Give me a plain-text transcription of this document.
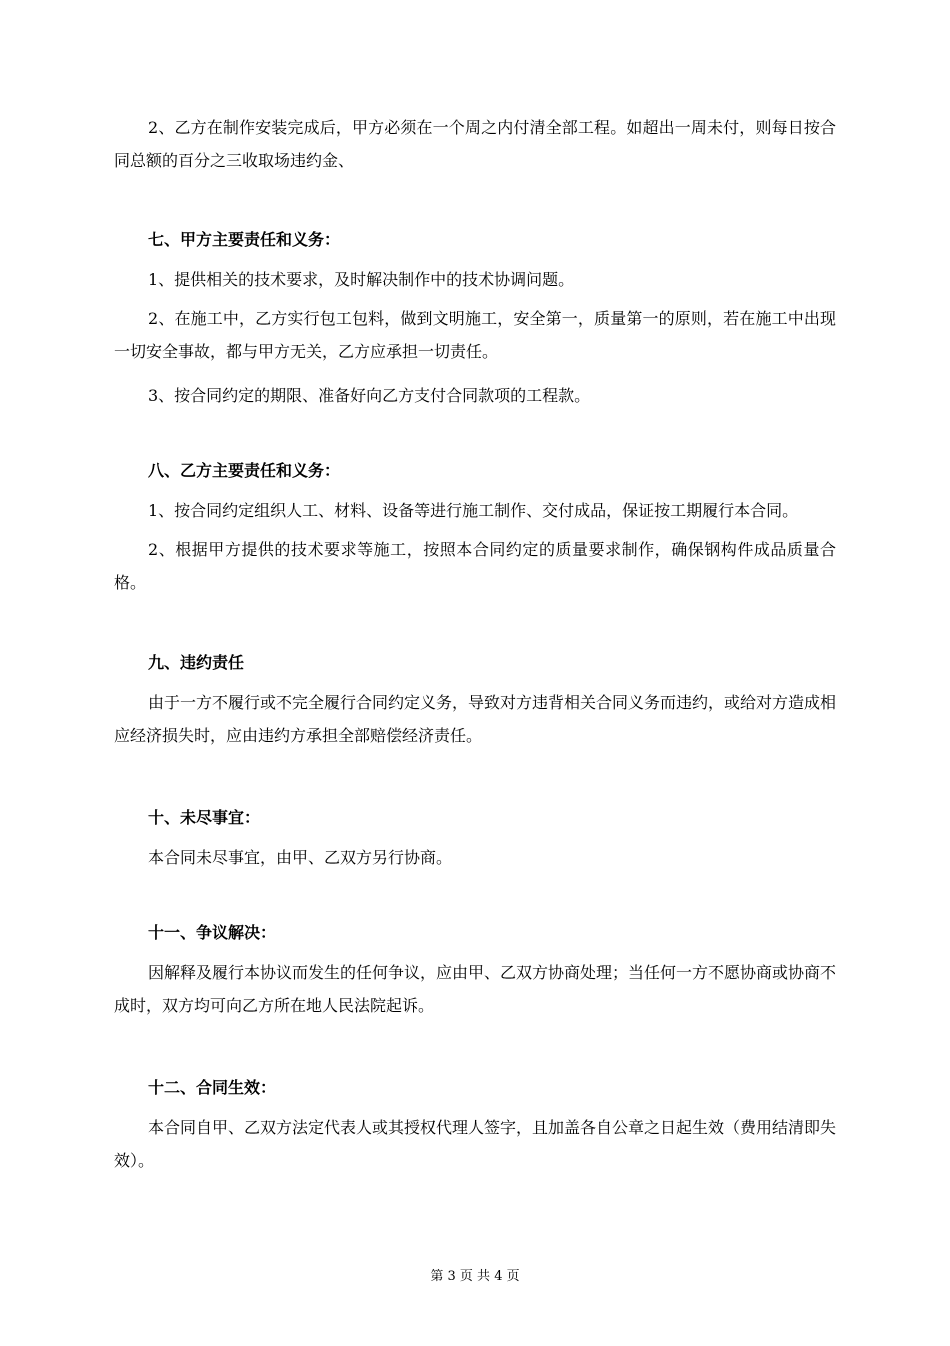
2、乙方在制作安装完成后，甲方必须在一个周之内付清全部工程。如超出一周未付，则每日按合同总额的百分之三收取场违约金、

七、甲方主要责任和义务：

1、提供相关的技术要求，及时解决制作中的技术协调问题。

2、在施工中，乙方实行包工包料，做到文明施工，安全第一，质量第一的原则，若在施工中出现一切安全事故，都与甲方无关，乙方应承担一切责任。

3、按合同约定的期限、准备好向乙方支付合同款项的工程款。

八、乙方主要责任和义务：

1、按合同约定组织人工、材料、设备等进行施工制作、交付成品，保证按工期履行本合同。

2、根据甲方提供的技术要求等施工，按照本合同约定的质量要求制作，确保钢构件成品质量合格。

九、违约责任

由于一方不履行或不完全履行合同约定义务，导致对方违背相关合同义务而违约，或给对方造成相应经济损失时，应由违约方承担全部赔偿经济责任。

十、未尽事宜：

本合同未尽事宜，由甲、乙双方另行协商。

十一、争议解决：

因解释及履行本协议而发生的任何争议，应由甲、乙双方协商处理；当任何一方不愿协商或协商不成时，双方均可向乙方所在地人民法院起诉。

十二、合同生效：

本合同自甲、乙双方法定代表人或其授权代理人签字，且加盖各自公章之日起生效（费用结清即失效）。

第 3 页 共 4 页
